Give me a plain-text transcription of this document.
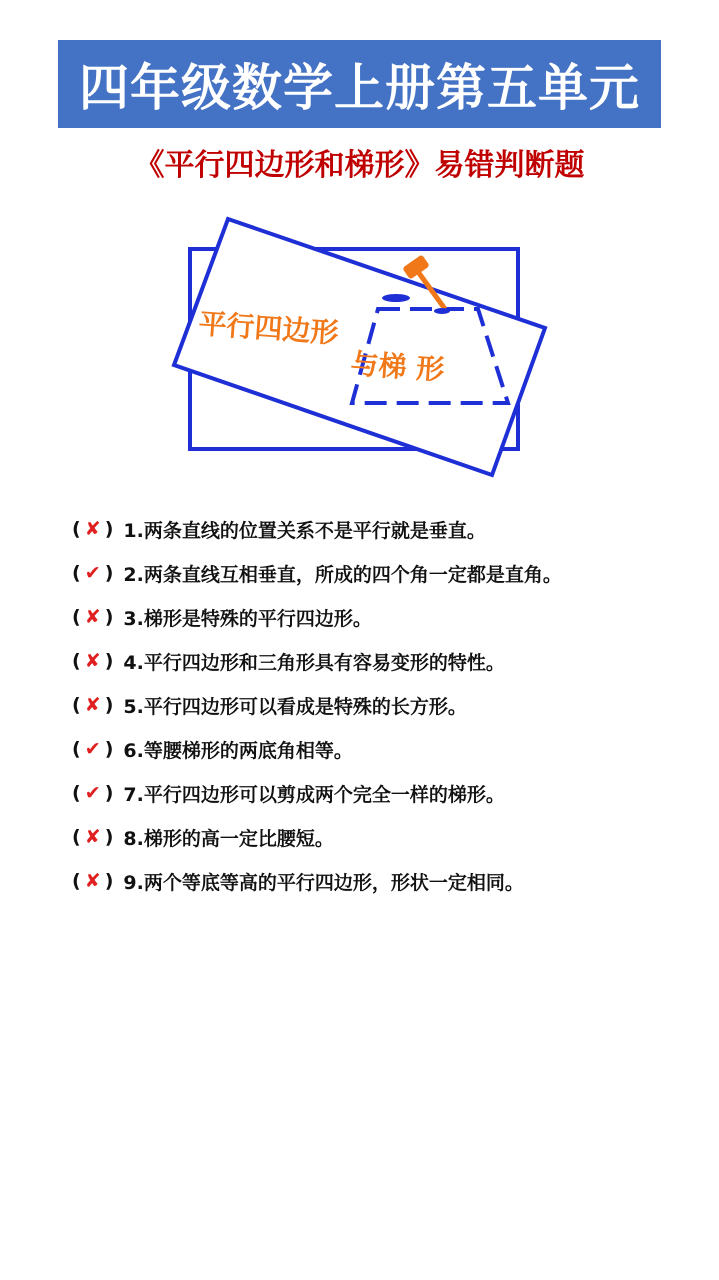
四年级数学上册第五单元
《平行四边形和梯形》易错判断题
平行四边形
与梯 形
( ✘ ) 1.两条直线的位置关系不是平行就是垂直。
( ✔ ) 2.两条直线互相垂直，所成的四个角一定都是直角。
( ✘ ) 3.梯形是特殊的平行四边形。
( ✘ ) 4.平行四边形和三角形具有容易变形的特性。
( ✘ ) 5.平行四边形可以看成是特殊的长方形。
( ✔ ) 6.等腰梯形的两底角相等。
( ✔ ) 7.平行四边形可以剪成两个完全一样的梯形。
( ✘ ) 8.梯形的高一定比腰短。
( ✘ ) 9.两个等底等高的平行四边形，形状一定相同。
